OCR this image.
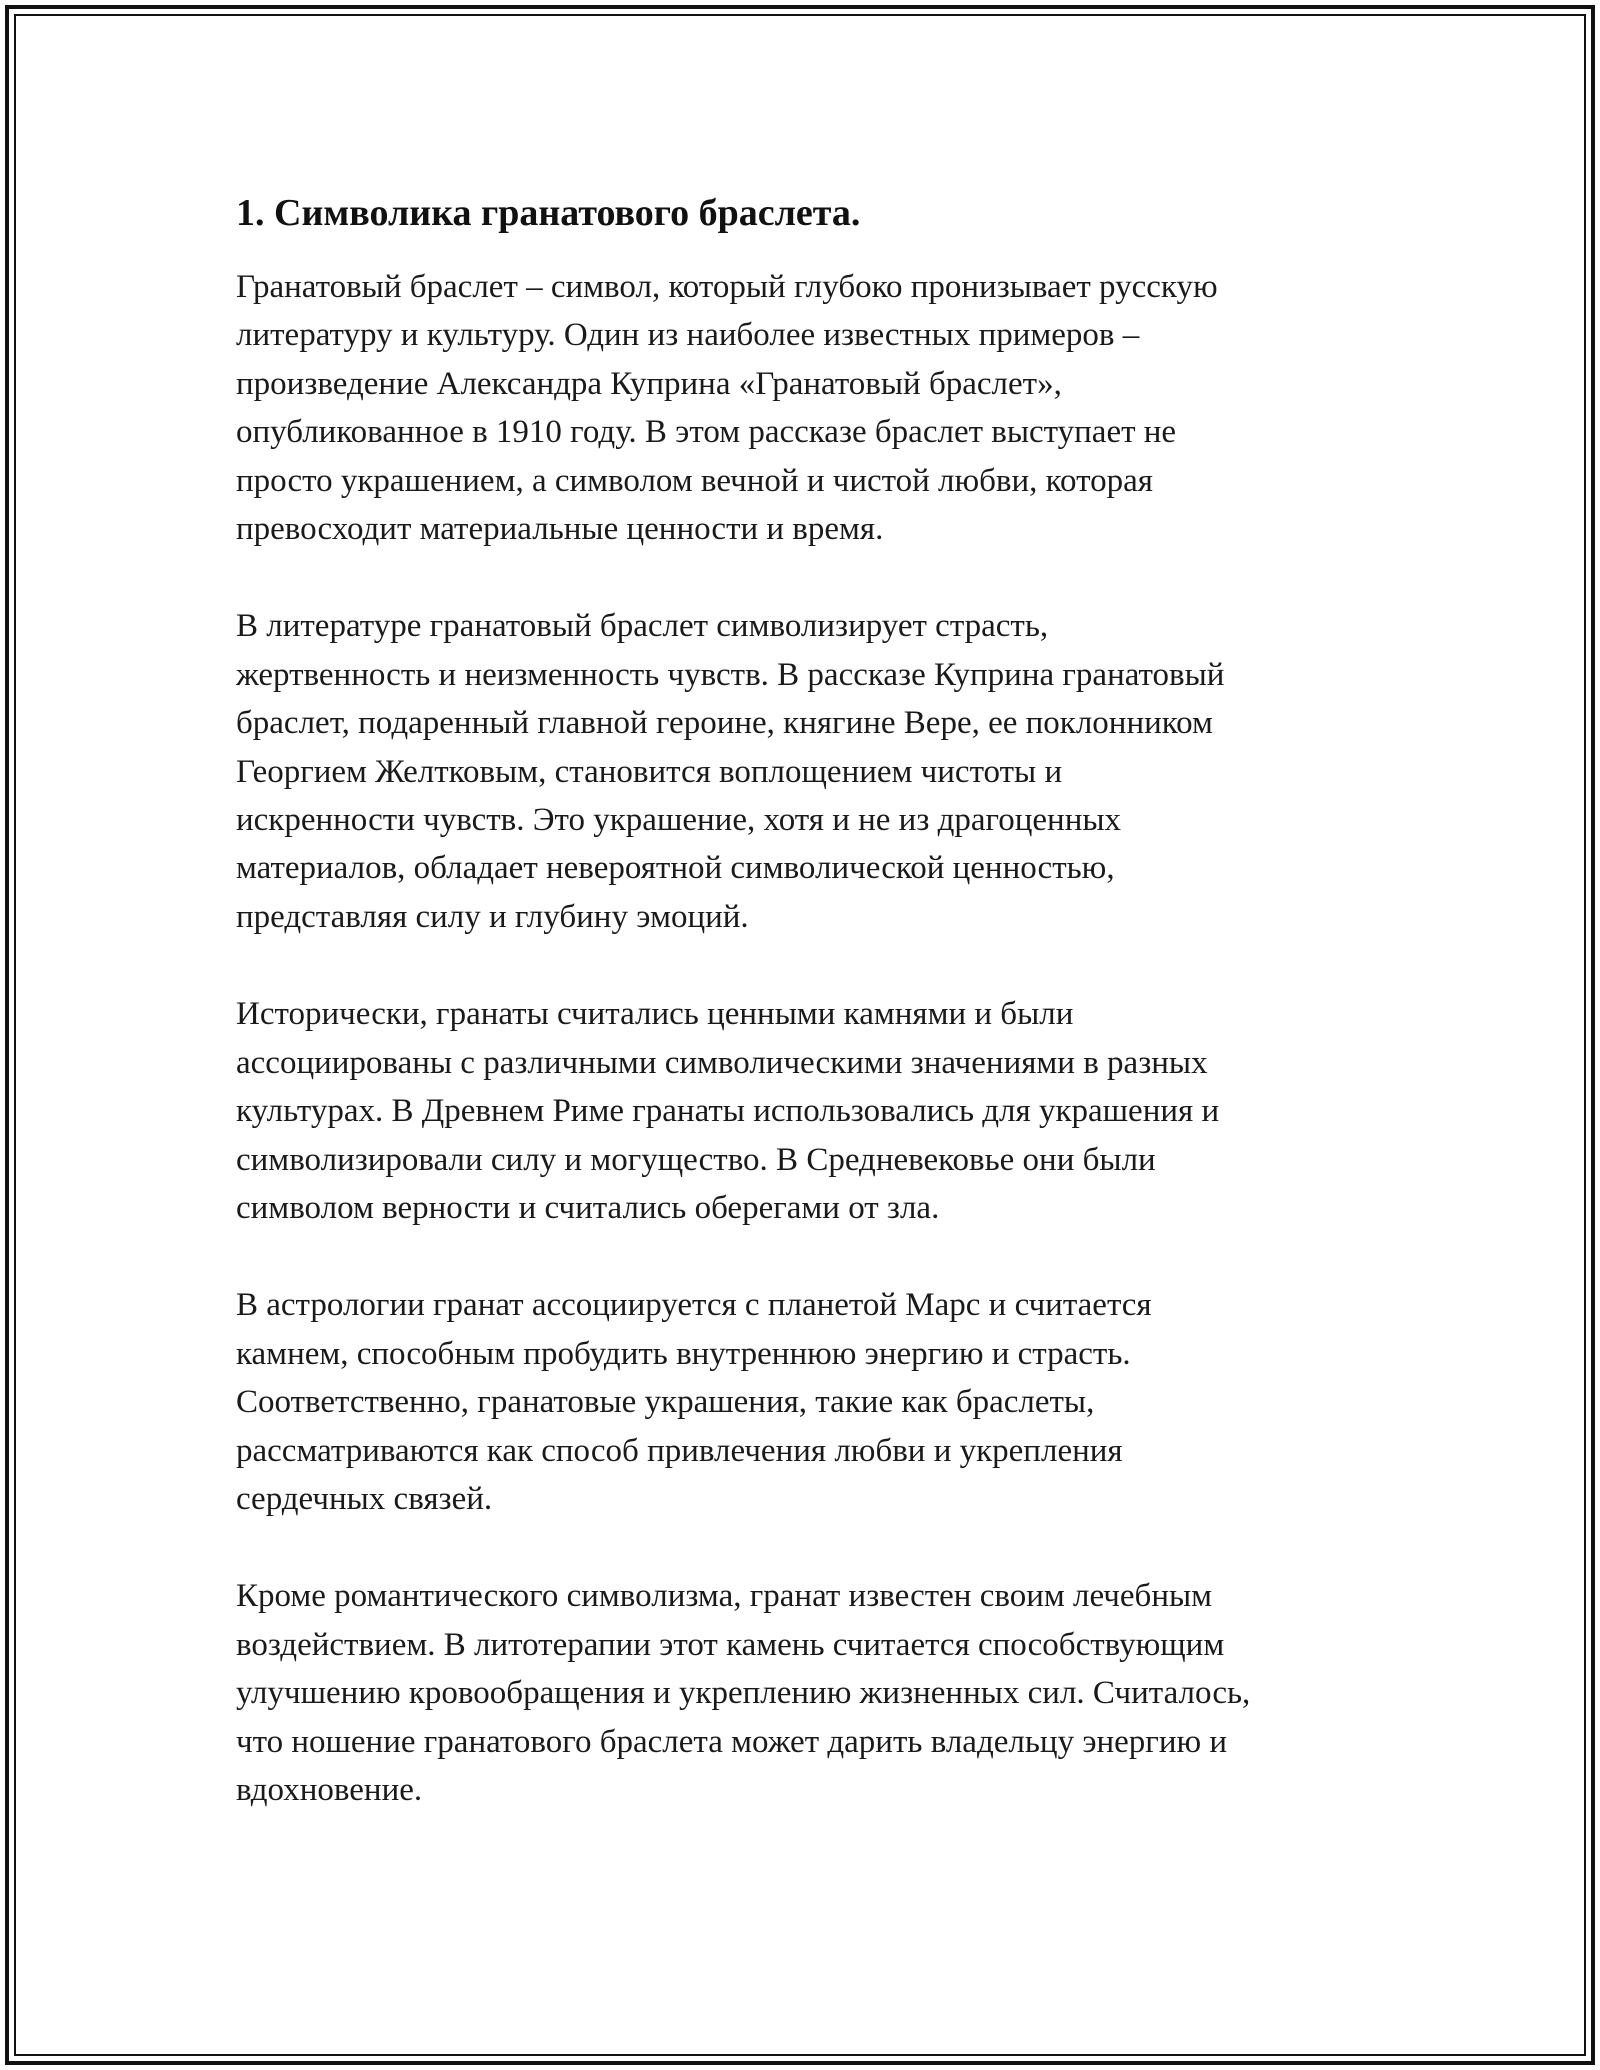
1. Символика гранатового браслета.

Гранатовый браслет – символ, который глубоко пронизывает русскую
литературу и культуру. Один из наиболее известных примеров –
произведение Александра Куприна «Гранатовый браслет»,
опубликованное в 1910 году. В этом рассказе браслет выступает не
просто украшением, а символом вечной и чистой любви, которая
превосходит материальные ценности и время.

В литературе гранатовый браслет символизирует страсть,
жертвенность и неизменность чувств. В рассказе Куприна гранатовый
браслет, подаренный главной героине, княгине Вере, ее поклонником
Георгием Желтковым, становится воплощением чистоты и
искренности чувств. Это украшение, хотя и не из драгоценных
материалов, обладает невероятной символической ценностью,
представляя силу и глубину эмоций.

Исторически, гранаты считались ценными камнями и были
ассоциированы с различными символическими значениями в разных
культурах. В Древнем Риме гранаты использовались для украшения и
символизировали силу и могущество. В Средневековье они были
символом верности и считались оберегами от зла.

В астрологии гранат ассоциируется с планетой Марс и считается
камнем, способным пробудить внутреннюю энергию и страсть.
Соответственно, гранатовые украшения, такие как браслеты,
рассматриваются как способ привлечения любви и укрепления
сердечных связей.

Кроме романтического символизма, гранат известен своим лечебным
воздействием. В литотерапии этот камень считается способствующим
улучшению кровообращения и укреплению жизненных сил. Считалось,
что ношение гранатового браслета может дарить владельцу энергию и
вдохновение.
